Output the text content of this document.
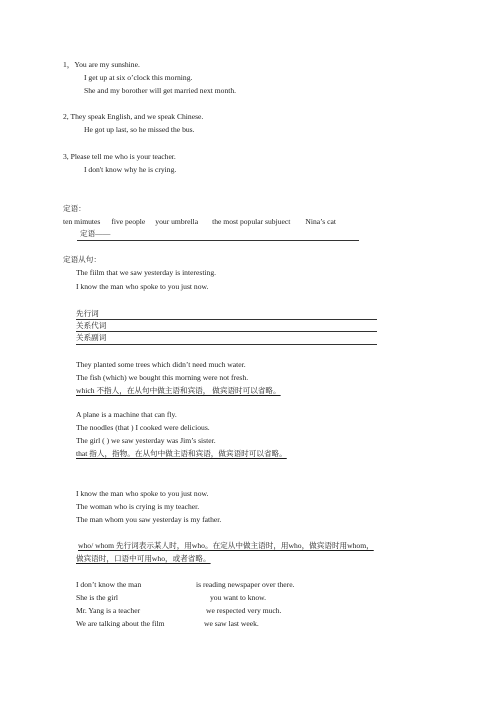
1，You are my sunshine.
I get up at six o’clock this morning.
She and my borother will get married next month.
2, They speak English, and we speak Chinese.
He got up last, so he missed the bus.
3, Please tell me who is your teacher.
I don't know why he is crying.
定语：
ten mimutes five people your umbrella the most popular subjuect Nina’s cat
定语——
定语从句：
The fiilm that we saw yesterday is interesting.
I know the man who spoke to you just now.
先行词
关系代词
关系副词
They planted some trees which didn’t need much water.
The fish (which) we bought this morning were not fresh.
which 不指人，在从句中做主语和宾语， 做宾语时可以省略。
A plane is a machine that can fly.
The noodles (that ) I cooked were delicious.
The girl ( ) we saw yesterday was Jim’s sister.
that 指人，指物。在从句中做主语和宾语，做宾语时可以省略。
I know the man who spoke to you just now.
The woman who is crying is my teacher.
The man whom you saw yesterday is my father.
who/ whom 先行词表示某人时，用who。在定从中做主语时，用who，做宾语时用whom，
做宾语时，口语中可用who，或者省略。
I don’t know the man	is reading newspaper over there.
She is the girl	you want to know.
Mr. Yang is a teacher	we respected very much.
We are talking about the film	we saw last week.
